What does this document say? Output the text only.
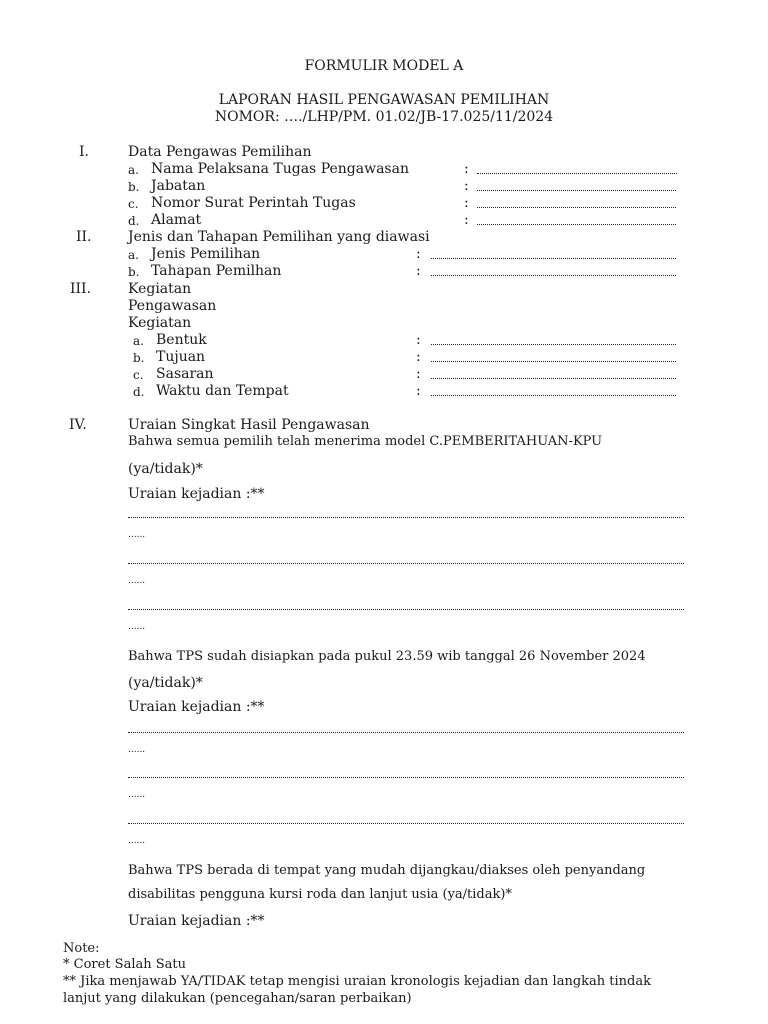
FORMULIR MODEL A
LAPORAN HASIL PENGAWASAN PEMILIHAN
NOMOR: …./LHP/PM. 01.02/JB-17.025/11/2024
I.	Data Pengawas Pemilihan
a. Nama Pelaksana Tugas Pengawasan	:
b. Jabatan	:
c. Nomor Surat Perintah Tugas	:
d. Alamat	:
II.	Jenis dan Tahapan Pemilihan yang diawasi
a. Jenis Pemilihan	:
b. Tahapan Pemilhan	:
III.	Kegiatan
Pengawasan
Kegiatan
a. Bentuk	:
b. Tujuan	:
c. Sasaran	:
d. Waktu dan Tempat	:
IV.	Uraian Singkat Hasil Pengawasan
Bahwa semua pemilih telah menerima model C.PEMBERITAHUAN-KPU
(ya/tidak)*
Uraian kejadian :**
......
......
......
Bahwa TPS sudah disiapkan pada pukul 23.59 wib tanggal 26 November 2024
(ya/tidak)*
Uraian kejadian :**
......
......
......
Bahwa TPS berada di tempat yang mudah dijangkau/diakses oleh penyandang
disabilitas pengguna kursi roda dan lanjut usia (ya/tidak)*
Uraian kejadian :**
Note:
* Coret Salah Satu
** Jika menjawab YA/TIDAK tetap mengisi uraian kronologis kejadian dan langkah tindak
lanjut yang dilakukan (pencegahan/saran perbaikan)
